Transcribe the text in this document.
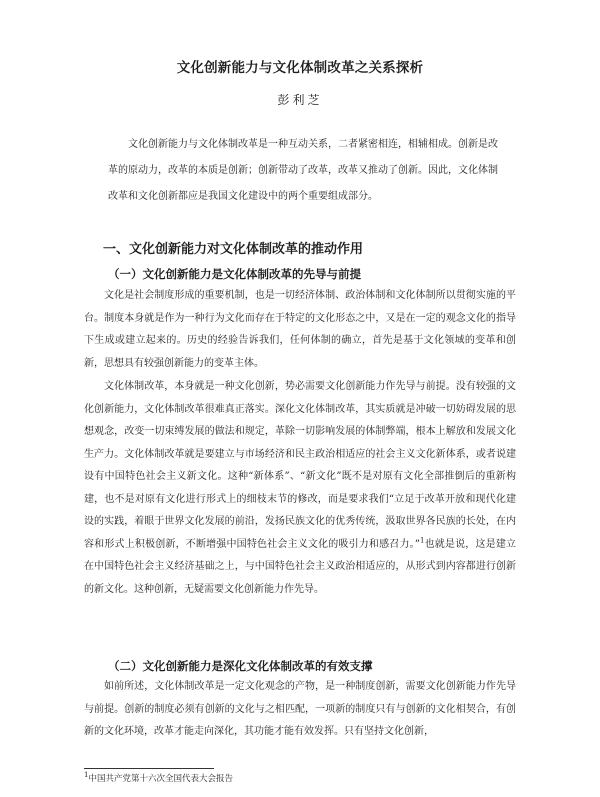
文化创新能力与文化体制改革之关系探析
彭利芝
文化创新能力与文化体制改革是一种互动关系，二者紧密相连，相辅相成。创新是改革的原动力，改革的本质是创新；创新带动了改革，改革又推动了创新。因此，文化体制改革和文化创新都应是我国文化建设中的两个重要组成部分。
一、文化创新能力对文化体制改革的推动作用
（一）文化创新能力是文化体制改革的先导与前提
文化是社会制度形成的重要机制，也是一切经济体制、政治体制和文化体制所以贯彻实施的平台。制度本身就是作为一种行为文化而存在于特定的文化形态之中，又是在一定的观念文化的指导下生成或建立起来的。历史的经验告诉我们，任何体制的确立，首先是基于文化领域的变革和创新，思想具有较强创新能力的变革主体。
文化体制改革，本身就是一种文化创新，势必需要文化创新能力作先导与前提。没有较强的文化创新能力，文化体制改革很难真正落实。深化文化体制改革，其实质就是冲破一切妨碍发展的思想观念，改变一切束缚发展的做法和规定，革除一切影响发展的体制弊端，根本上解放和发展文化生产力。文化体制改革就是要建立与市场经济和民主政治相适应的社会主义文化新体系，或者说建设有中国特色社会主义新文化。这种“新体系”、“新文化”既不是对原有文化全部推倒后的重新构建，也不是对原有文化进行形式上的细枝末节的修改，而是要求我们“立足于改革开放和现代化建设的实践，着眼于世界文化发展的前沿，发扬民族文化的优秀传统，汲取世界各民族的长处，在内容和形式上积极创新，不断增强中国特色社会主义文化的吸引力和感召力。”$^1$也就是说，这是建立在中国特色社会主义经济基础之上，与中国特色社会主义政治相适应的，从形式到内容都进行创新的新文化。这种创新，无疑需要文化创新能力作先导。
（二）文化创新能力是深化文化体制改革的有效支撑
如前所述，文化体制改革是一定文化观念的产物，是一种制度创新，需要文化创新能力作先导与前提。创新的制度必须有创新的文化与之相匹配，一项新的制度只有与创新的文化相契合，有创新的文化环境，改革才能走向深化，其功能才能有效发挥。只有坚持文化创新，
$^1$中国共产党第十六次全国代表大会报告
